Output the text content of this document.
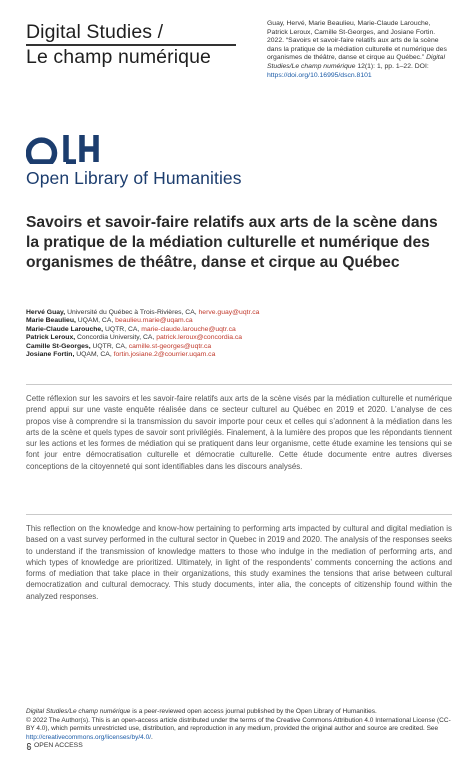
Digital Studies /
Le champ numérique
Guay, Hervé, Marie Beaulieu, Marie-Claude Larouche, Patrick Leroux, Camille St-Georges, and Josiane Fortin. 2022. “Savoirs et savoir-faire relatifs aux arts de la scène dans la pratique de la médiation culturelle et numérique des organismes de théâtre, danse et cirque au Québec.” Digital Studies/Le champ numérique 12(1): 1, pp. 1–22. DOI: https://doi.org/10.16995/dscn.8101
Open Library of Humanities
Savoirs et savoir-faire relatifs aux arts de la scène dans la pratique de la médiation culturelle et numérique des organismes de théâtre, danse et cirque au Québec
Hervé Guay, Université du Québec à Trois-Rivières, CA, herve.guay@uqtr.ca
Marie Beaulieu, UQAM, CA, beaulieu.marie@uqam.ca
Marie-Claude Larouche, UQTR, CA, marie-claude.larouche@uqtr.ca
Patrick Leroux, Concordia University, CA, patrick.leroux@concordia.ca
Camille St-Georges, UQTR, CA, camille.st-georges@uqtr.ca
Josiane Fortin, UQAM, CA, fortin.josiane.2@courrier.uqam.ca

Cette réflexion sur les savoirs et les savoir-faire relatifs aux arts de la scène visés par la médiation culturelle et numérique prend appui sur une vaste enquête réalisée dans ce secteur culturel au Québec en 2019 et 2020. L’analyse de ces propos vise à comprendre si la transmission du savoir importe pour ceux et celles qui s’adonnent à la médiation dans les arts de la scène et quels types de savoir sont privilégiés. Finalement, à la lumière des propos que les répondants tiennent sur les actions et les formes de médiation qui se pratiquent dans leur organisme, cette étude examine les tensions qui se font jour entre démocratisation culturelle et démocratie culturelle. Cette étude documente entre autres diverses conceptions de la citoyenneté qui sont identifiables dans les discours analysés.

This reflection on the knowledge and know-how pertaining to performing arts impacted by cultural and digital mediation is based on a vast survey performed in the cultural sector in Quebec in 2019 and 2020. The analysis of the responses seeks to understand if the transmission of knowledge matters to those who indulge in the mediation of performing arts, and which types of knowledge are prioritized. Ultimately, in light of the respondents’ comments concerning the actions and forms of mediation that take place in their organizations, this study examines the tensions that arise between cultural democratization and cultural democracy. This study documents, inter alia, the concepts of citizenship found within the analyzed responses.

Digital Studies/Le champ numérique is a peer-reviewed open access journal published by the Open Library of Humanities.
© 2022 The Author(s). This is an open-access article distributed under the terms of the Creative Commons Attribution 4.0 International License (CC-BY 4.0), which permits unrestricted use, distribution, and reproduction in any medium, provided the original author and source are credited. See http://creativecommons.org/licenses/by/4.0/.
OPEN ACCESS
